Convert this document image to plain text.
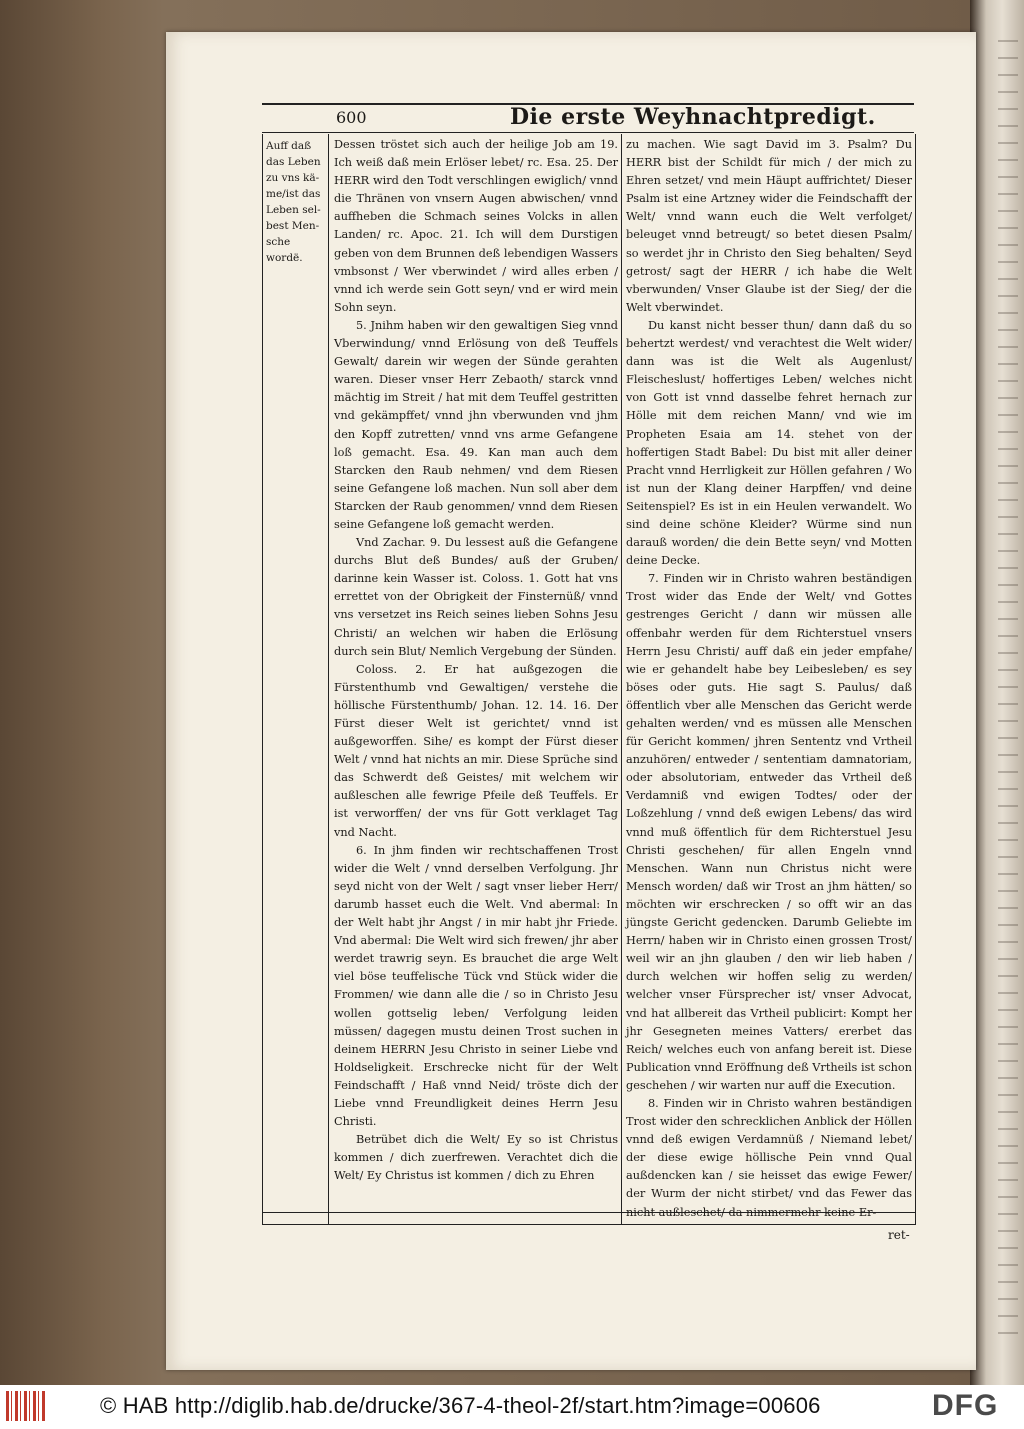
600	Die erste Weyhnachtpredigt.
Auff daß
das Leben
zu vns kä-
me/ist das
Leben sel-
best Men-
sche wordë.

Dessen tröstet sich auch der heilige Job am 19. Ich weiß daß mein Erlöser lebet/ rc. Esa. 25. Der HERR wird den Todt verschlingen ewiglich/ vnnd die Thränen von vnsern Augen abwischen/ vnnd auffheben die Schmach seines Volcks in allen Landen/ rc. Apoc. 21. Ich will dem Durstigen geben von dem Brunnen deß lebendigen Wassers vmbsonst / Wer vberwindet / wird alles erben / vnnd ich werde sein Gott seyn/ vnd er wird mein Sohn seyn.

5. Jnihm haben wir den gewaltigen Sieg vnnd Vberwindung/ vnnd Erlösung von deß Teuffels Gewalt/ darein wir wegen der Sünde gerahten waren. Dieser vnser Herr Zebaoth/ starck vnnd mächtig im Streit / hat mit dem Teuffel gestritten vnd gekämpffet/ vnnd jhn vberwunden vnd jhm den Kopff zutretten/ vnnd vns arme Gefangene loß gemacht. Esa. 49. Kan man auch dem Starcken den Raub nehmen/ vnd dem Riesen seine Gefangene loß machen. Nun soll aber dem Starcken der Raub genommen/ vnnd dem Riesen seine Gefangene loß gemacht werden.

Vnd Zachar. 9. Du lessest auß die Gefangene durchs Blut deß Bundes/ auß der Gruben/ darinne kein Wasser ist. Coloss. 1. Gott hat vns errettet von der Obrigkeit der Finsternüß/ vnnd vns versetzet ins Reich seines lieben Sohns Jesu Christi/ an welchen wir haben die Erlösung durch sein Blut/ Nemlich Vergebung der Sünden.

Coloss. 2. Er hat außgezogen die Fürstenthumb vnd Gewaltigen/ verstehe die höllische Fürstenthumb/ Johan. 12. 14. 16. Der Fürst dieser Welt ist gerichtet/ vnnd ist außgeworffen. Sihe/ es kompt der Fürst dieser Welt / vnnd hat nichts an mir. Diese Sprüche sind das Schwerdt deß Geistes/ mit welchem wir außleschen alle fewrige Pfeile deß Teuffels. Er ist verworffen/ der vns für Gott verklaget Tag vnd Nacht.

6. In jhm finden wir rechtschaffenen Trost wider die Welt / vnnd derselben Verfolgung. Jhr seyd nicht von der Welt / sagt vnser lieber Herr/ darumb hasset euch die Welt. Vnd abermal: In der Welt habt jhr Angst / in mir habt jhr Friede. Vnd abermal: Die Welt wird sich frewen/ jhr aber werdet trawrig seyn. Es brauchet die arge Welt viel böse teuffelische Tück vnd Stück wider die Frommen/ wie dann alle die / so in Christo Jesu wollen gottselig leben/ Verfolgung leiden müssen/ dagegen mustu deinen Trost suchen in deinem HERRN Jesu Christo in seiner Liebe vnd Holdseligkeit. Erschrecke nicht für der Welt Feindschafft / Haß vnnd Neid/ tröste dich der Liebe vnnd Freundligkeit deines Herrn Jesu Christi.

Betrübet dich die Welt/ Ey so ist Christus kommen / dich zuerfrewen. Verachtet dich die Welt/ Ey Christus ist kommen / dich zu Ehren

zu machen. Wie sagt David im 3. Psalm? Du HERR bist der Schildt für mich / der mich zu Ehren setzet/ vnd mein Häupt auffrichtet/ Dieser Psalm ist eine Artzney wider die Feindschafft der Welt/ vnnd wann euch die Welt verfolget/ beleuget vnnd betreugt/ so betet diesen Psalm/ so werdet jhr in Christo den Sieg behalten/ Seyd getrost/ sagt der HERR / ich habe die Welt vberwunden/ Vnser Glaube ist der Sieg/ der die Welt vberwindet.

Du kanst nicht besser thun/ dann daß du so behertzt werdest/ vnd verachtest die Welt wider/ dann was ist die Welt als Augenlust/ Fleischeslust/ hoffertiges Leben/ welches nicht von Gott ist vnnd dasselbe fehret hernach zur Hölle mit dem reichen Mann/ vnd wie im Propheten Esaia am 14. stehet von der hoffertigen Stadt Babel: Du bist mit aller deiner Pracht vnnd Herrligkeit zur Höllen gefahren / Wo ist nun der Klang deiner Harpffen/ vnd deine Seitenspiel? Es ist in ein Heulen verwandelt. Wo sind deine schöne Kleider? Würme sind nun darauß worden/ die dein Bette seyn/ vnd Motten deine Decke.

7. Finden wir in Christo wahren beständigen Trost wider das Ende der Welt/ vnd Gottes gestrenges Gericht / dann wir müssen alle offenbahr werden für dem Richterstuel vnsers Herrn Jesu Christi/ auff daß ein jeder empfahe/ wie er gehandelt habe bey Leibesleben/ es sey böses oder guts. Hie sagt S. Paulus/ daß öffentlich vber alle Menschen das Gericht werde gehalten werden/ vnd es müssen alle Menschen für Gericht kommen/ jhren Sententz vnd Vrtheil anzuhören/ entweder / sententiam damnatoriam, oder absolutoriam, entweder das Vrtheil deß Verdamniß vnd ewigen Todtes/ oder der Loßzehlung / vnnd deß ewigen Lebens/ das wird vnnd muß öffentlich für dem Richterstuel Jesu Christi geschehen/ für allen Engeln vnnd Menschen. Wann nun Christus nicht were Mensch worden/ daß wir Trost an jhm hätten/ so möchten wir erschrecken / so offt wir an das jüngste Gericht gedencken. Darumb Geliebte im Herrn/ haben wir in Christo einen grossen Trost/ weil wir an jhn glauben / den wir lieb haben / durch welchen wir hoffen selig zu werden/ welcher vnser Fürsprecher ist/ vnser Advocat, vnd hat allbereit das Vrtheil publicirt: Kompt her jhr Gesegneten meines Vatters/ ererbet das Reich/ welches euch von anfang bereit ist. Diese Publication vnnd Eröffnung deß Vrtheils ist schon geschehen / wir warten nur auff die Execution.

8. Finden wir in Christo wahren beständigen Trost wider den schrecklichen Anblick der Höllen vnnd deß ewigen Verdamnüß / Niemand lebet/ der diese ewige höllische Pein vnnd Qual außdencken kan / sie heisset das ewige Fewer/ der Wurm der nicht stirbet/ vnd das Fewer das nicht außleschet/ da nimmermehr keine Er-

ret-
© HAB http://diglib.hab.de/drucke/367-4-theol-2f/start.htm?image=00606	DFG
